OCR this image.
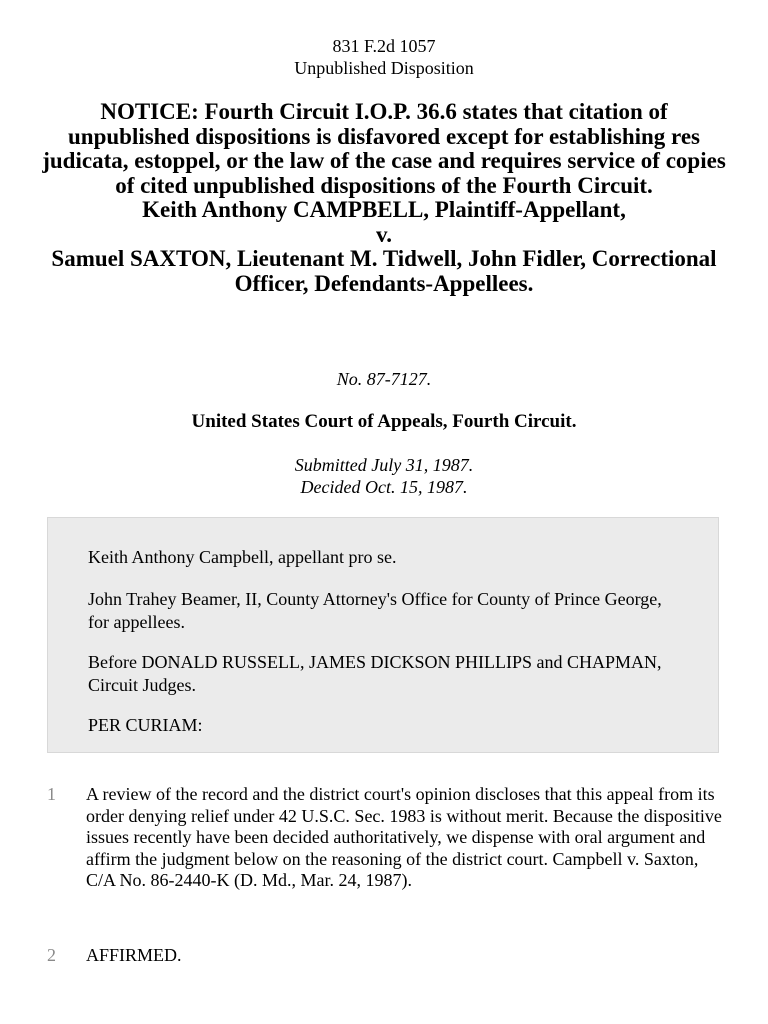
831 F.2d 1057
Unpublished Disposition
NOTICE: Fourth Circuit I.O.P. 36.6 states that citation of unpublished dispositions is disfavored except for establishing res judicata, estoppel, or the law of the case and requires service of copies of cited unpublished dispositions of the Fourth Circuit.
Keith Anthony CAMPBELL, Plaintiff-Appellant,
v.
Samuel SAXTON, Lieutenant M. Tidwell, John Fidler, Correctional Officer, Defendants-Appellees.
No. 87-7127.
United States Court of Appeals, Fourth Circuit.
Submitted July 31, 1987.
Decided Oct. 15, 1987.

Keith Anthony Campbell, appellant pro se.

John Trahey Beamer, II, County Attorney's Office for County of Prince George, for appellees.

Before DONALD RUSSELL, JAMES DICKSON PHILLIPS and CHAPMAN, Circuit Judges.

PER CURIAM:

1 A review of the record and the district court's opinion discloses that this appeal from its order denying relief under 42 U.S.C. Sec. 1983 is without merit. Because the dispositive issues recently have been decided authoritatively, we dispense with oral argument and affirm the judgment below on the reasoning of the district court. Campbell v. Saxton, C/A No. 86-2440-K (D. Md., Mar. 24, 1987).

2 AFFIRMED.
